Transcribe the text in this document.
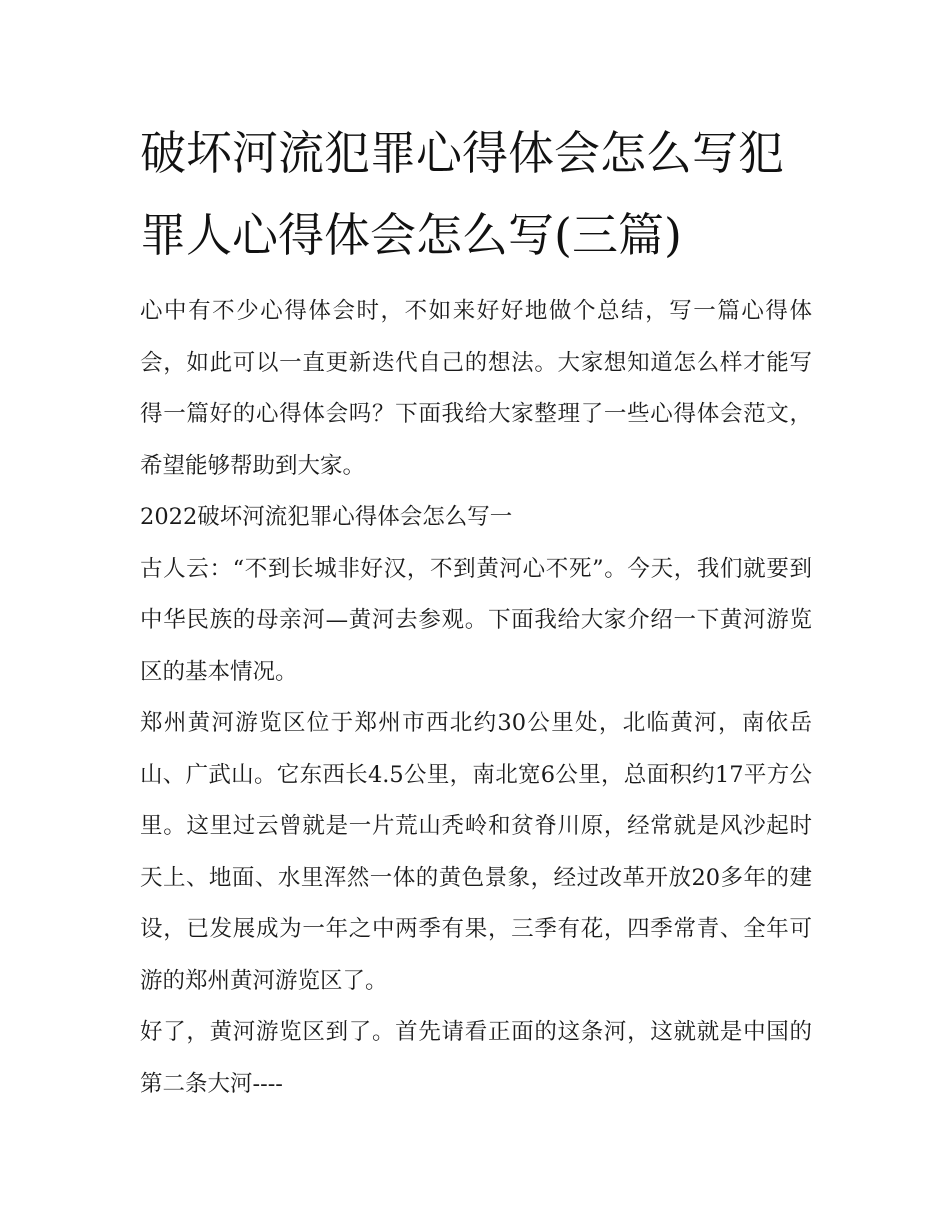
破坏河流犯罪心得体会怎么写犯罪人心得体会怎么写(三篇)

心中有不少心得体会时，不如来好好地做个总结，写一篇心得体会，如此可以一直更新迭代自己的想法。大家想知道怎么样才能写得一篇好的心得体会吗？下面我给大家整理了一些心得体会范文，希望能够帮助到大家。

2022破坏河流犯罪心得体会怎么写一

古人云：“不到长城非好汉，不到黄河心不死”。今天，我们就要到中华民族的母亲河—黄河去参观。下面我给大家介绍一下黄河游览区的基本情况。

郑州黄河游览区位于郑州市西北约30公里处，北临黄河，南依岳山、广武山。它东西长4.5公里，南北宽6公里，总面积约17平方公里。这里过云曾就是一片荒山秃岭和贫脊川原，经常就是风沙起时天上、地面、水里浑然一体的黄色景象，经过改革开放20多年的建设，已发展成为一年之中两季有果，三季有花，四季常青、全年可游的郑州黄河游览区了。

好了，黄河游览区到了。首先请看正面的这条河，这就就是中国的第二条大河----
